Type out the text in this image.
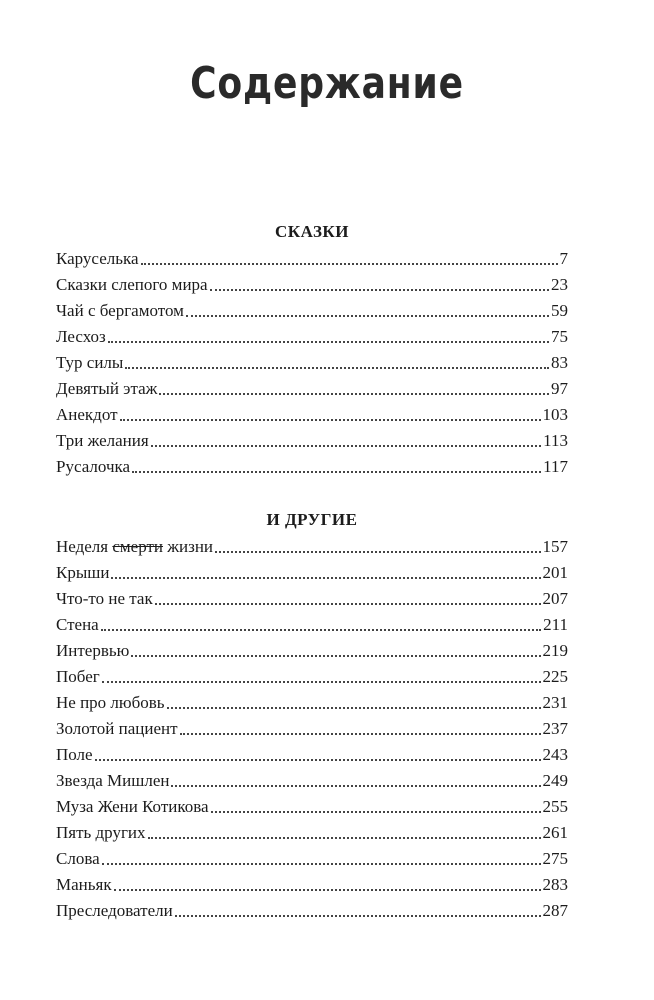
Содержание
СКАЗКИ
Каруселька	7
Сказки слепого мира	23
Чай с бергамотом	59
Лесхоз	75
Тур силы	83
Девятый этаж	97
Анекдот	103
Три желания	113
Русалочка	117
И ДРУГИЕ
Неделя смерти жизни	157
Крыши	201
Что-то не так	207
Стена	211
Интервью	219
Побег	225
Не про любовь	231
Золотой пациент	237
Поле	243
Звезда Мишлен	249
Муза Жени Котикова	255
Пять других	261
Слова	275
Маньяк	283
Преследователи	287
